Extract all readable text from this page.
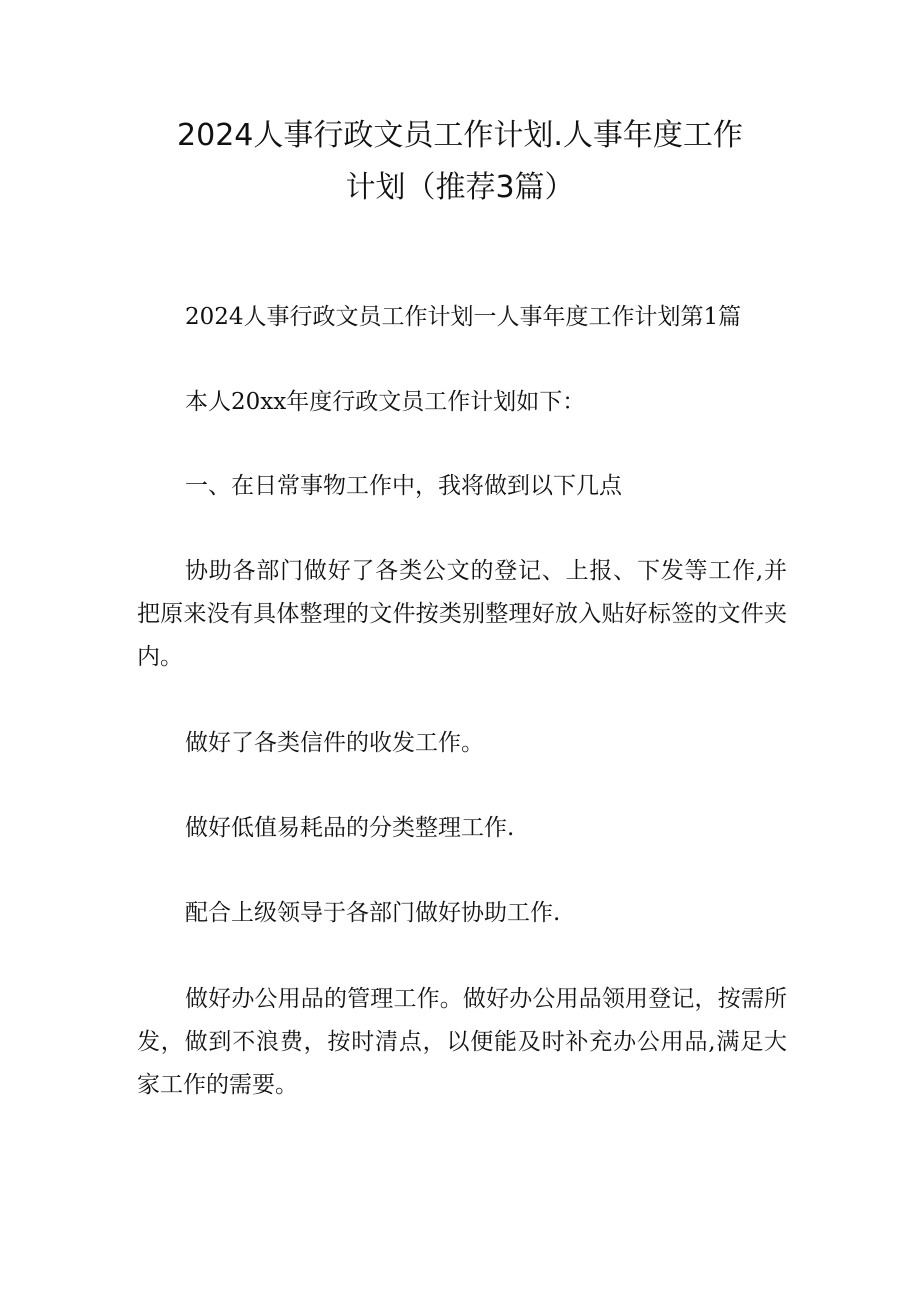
2024人事行政文员工作计划.人事年度工作
计划（推荐3篇）

2024人事行政文员工作计划一人事年度工作计划第1篇

本人20xx年度行政文员工作计划如下：

一、在日常事物工作中，我将做到以下几点

协助各部门做好了各类公文的登记、上报、下发等工作,并把原来没有具体整理的文件按类别整理好放入贴好标签的文件夹内。

做好了各类信件的收发工作。

做好低值易耗品的分类整理工作.

配合上级领导于各部门做好协助工作.

做好办公用品的管理工作。做好办公用品领用登记，按需所发，做到不浪费，按时清点，以便能及时补充办公用品,满足大家工作的需要。
